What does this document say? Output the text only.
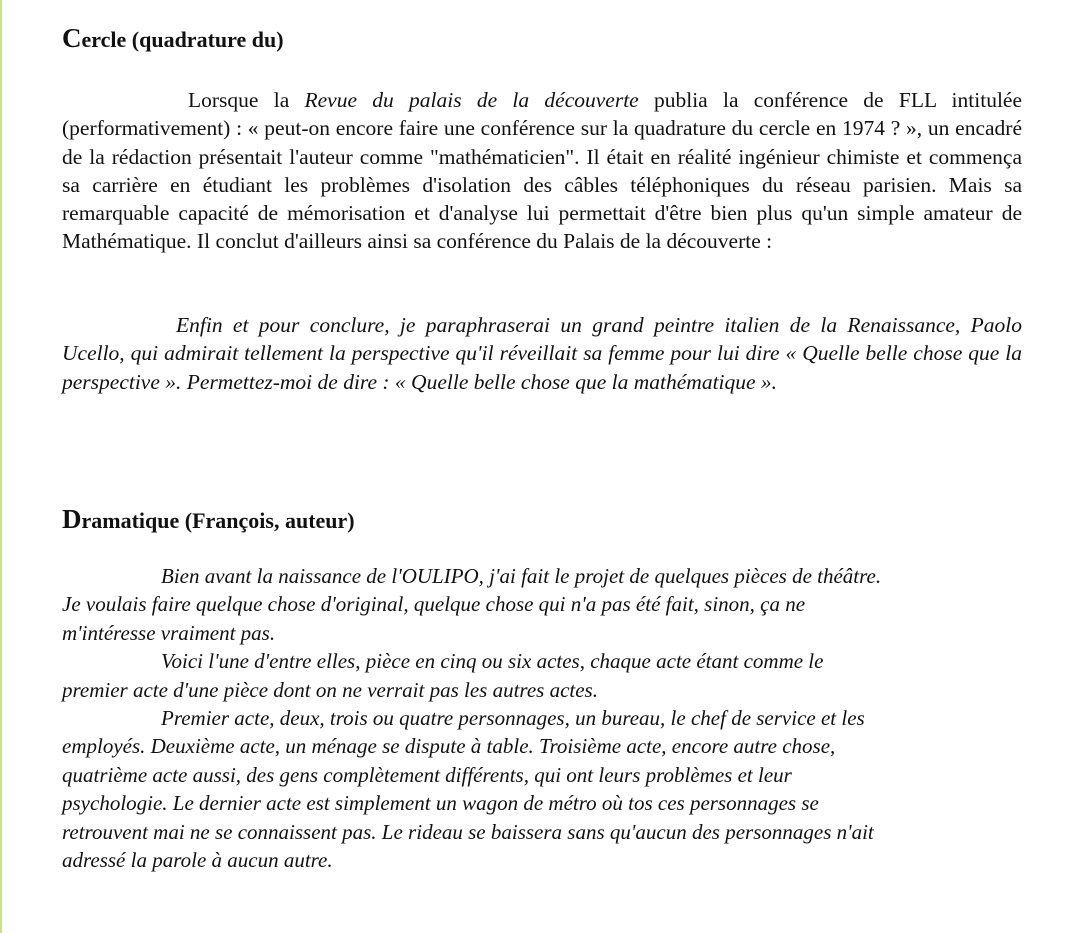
Cercle (quadrature du)

Lorsque la Revue du palais de la découverte publia la conférence de FLL intitulée (performativement) : « peut-on encore faire une conférence sur la quadrature du cercle en 1974 ? », un encadré de la rédaction présentait l'auteur comme "mathématicien". Il était en réalité ingénieur chimiste et commença sa carrière en étudiant les problèmes d'isolation des câbles téléphoniques du réseau parisien. Mais sa remarquable capacité de mémorisation et d'analyse lui permettait d'être bien plus qu'un simple amateur de Mathématique. Il conclut d'ailleurs ainsi sa conférence du Palais de la découverte :

Enfin et pour conclure, je paraphraserai un grand peintre italien de la Renaissance, Paolo Ucello, qui admirait tellement la perspective qu'il réveillait sa femme pour lui dire « Quelle belle chose que la perspective ». Permettez-moi de dire : « Quelle belle chose que la mathématique ».

Dramatique (François, auteur)

Bien avant la naissance de l'OULIPO, j'ai fait le projet de quelques pièces de théâtre.
Je voulais faire quelque chose d'original, quelque chose qui n'a pas été fait, sinon, ça ne
m'intéresse vraiment pas.

Voici l'une d'entre elles, pièce en cinq ou six actes, chaque acte étant comme le
premier acte d'une pièce dont on ne verrait pas les autres actes.

Premier acte, deux, trois ou quatre personnages, un bureau, le chef de service et les
employés. Deuxième acte, un ménage se dispute à table. Troisième acte, encore autre chose,
quatrième acte aussi, des gens complètement différents, qui ont leurs problèmes et leur
psychologie. Le dernier acte est simplement un wagon de métro où tos ces personnages se
retrouvent mai ne se connaissent pas. Le rideau se baissera sans qu'aucun des personnages n'ait
adressé la parole à aucun autre.
